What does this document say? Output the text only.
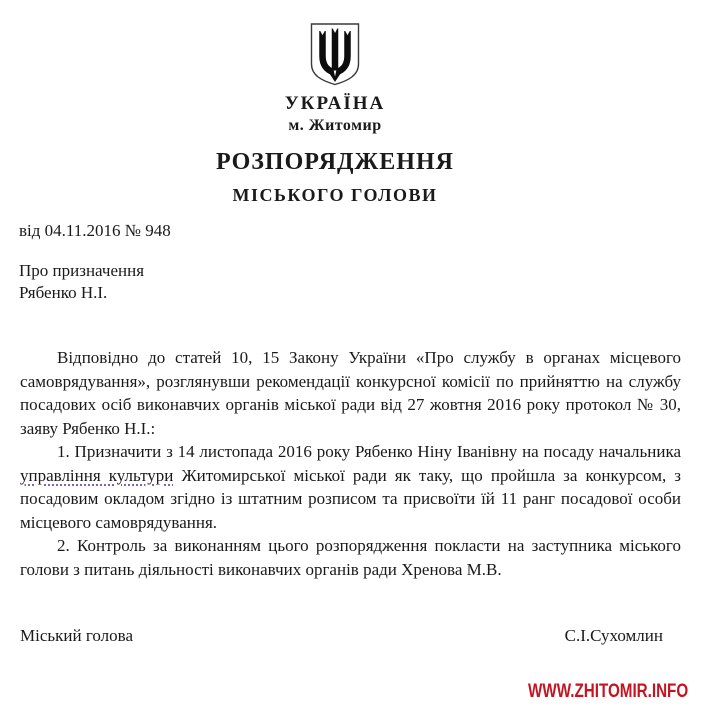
УКРАЇНА
м. Житомир
РОЗПОРЯДЖЕННЯ
МІСЬКОГО ГОЛОВИ
від 04.11.2016 № 948
Про призначення
Рябенко Н.І.

Відповідно до статей 10, 15 Закону України «Про службу в органах місцевого самоврядування», розглянувши рекомендації конкурсної комісії по прийняттю на службу посадових осіб виконавчих органів міської ради від 27 жовтня 2016 року протокол № 30, заяву Рябенко Н.І.:

1. Призначити з 14 листопада 2016 року Рябенко Ніну Іванівну на посаду начальника управління культури Житомирської міської ради як таку, що пройшла за конкурсом, з посадовим окладом згідно із штатним розписом та присвоїти їй 11 ранг посадової особи місцевого самоврядування.

2. Контроль за виконанням цього розпорядження покласти на заступника міського голови з питань діяльності виконавчих органів ради Хренова М.В.

Міський голова	С.І.Сухомлин
WWW.ZHITOMIR.INFO
